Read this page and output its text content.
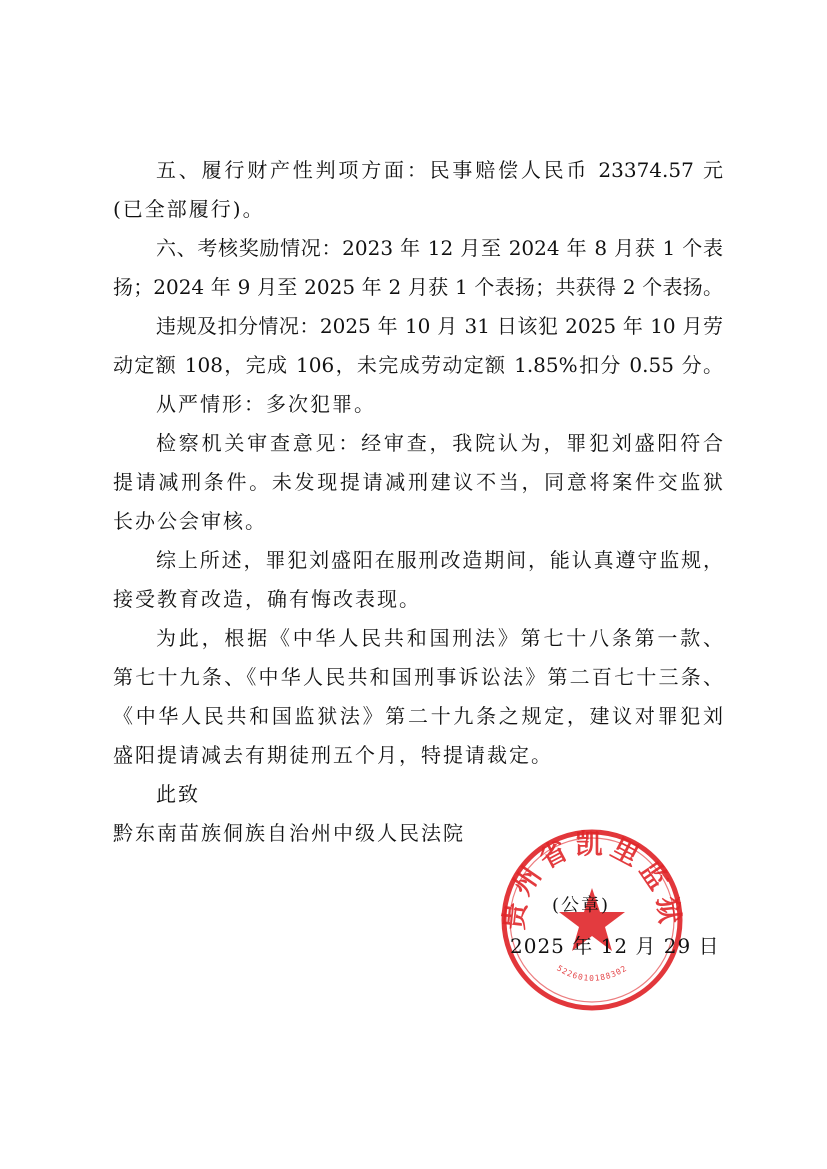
五、履行财产性判项方面：民事赔偿人民币 23374.57 元
(已全部履行)。
六、考核奖励情况：2023 年 12 月至 2024 年 8 月获 1 个表
扬；2024 年 9 月至 2025 年 2 月获 1 个表扬；共获得 2 个表扬。
违规及扣分情况：2025 年 10 月 31 日该犯 2025 年 10 月劳
动定额 108，完成 106，未完成劳动定额 1.85%扣分 0.55 分。
从严情形：多次犯罪。
检察机关审查意见：经审查，我院认为，罪犯刘盛阳符合
提请减刑条件。未发现提请减刑建议不当，同意将案件交监狱
长办公会审核。
综上所述，罪犯刘盛阳在服刑改造期间，能认真遵守监规，
接受教育改造，确有悔改表现。
为此，根据《中华人民共和国刑法》第七十八条第一款、
第七十九条、《中华人民共和国刑事诉讼法》第二百七十三条、
《中华人民共和国监狱法》第二十九条之规定，建议对罪犯刘
盛阳提请减去有期徒刑五个月，特提请裁定。
此致
黔东南苗族侗族自治州中级人民法院
贵州省凯里监狱
5226010188302
(公章)
2025 年 12 月 29 日
